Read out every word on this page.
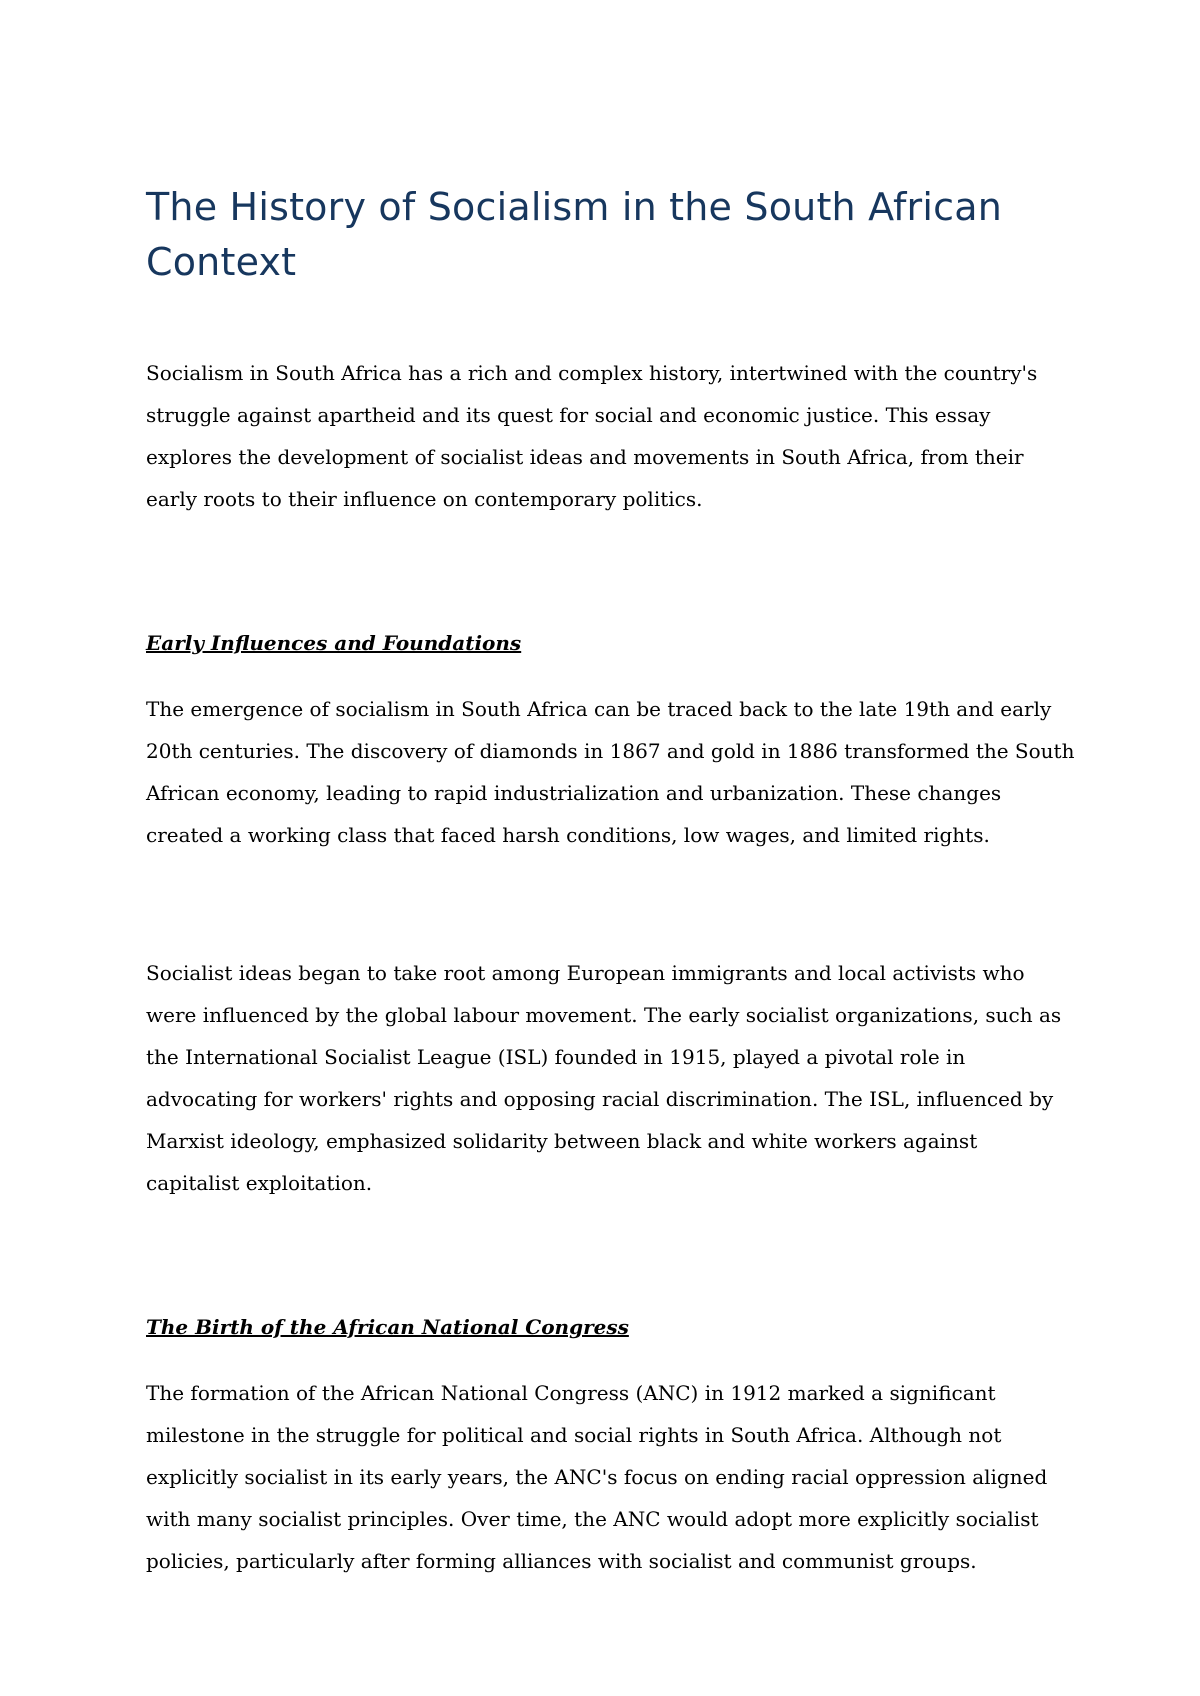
The History of Socialism in the South African Context

Socialism in South Africa has a rich and complex history, intertwined with the country's struggle against apartheid and its quest for social and economic justice. This essay explores the development of socialist ideas and movements in South Africa, from their early roots to their influence on contemporary politics.

Early Influences and Foundations

The emergence of socialism in South Africa can be traced back to the late 19th and early 20th centuries. The discovery of diamonds in 1867 and gold in 1886 transformed the South African economy, leading to rapid industrialization and urbanization. These changes created a working class that faced harsh conditions, low wages, and limited rights.

Socialist ideas began to take root among European immigrants and local activists who were influenced by the global labour movement. The early socialist organizations, such as the International Socialist League (ISL) founded in 1915, played a pivotal role in advocating for workers' rights and opposing racial discrimination. The ISL, influenced by Marxist ideology, emphasized solidarity between black and white workers against capitalist exploitation.

The Birth of the African National Congress

The formation of the African National Congress (ANC) in 1912 marked a significant milestone in the struggle for political and social rights in South Africa. Although not explicitly socialist in its early years, the ANC's focus on ending racial oppression aligned with many socialist principles. Over time, the ANC would adopt more explicitly socialist policies, particularly after forming alliances with socialist and communist groups.
